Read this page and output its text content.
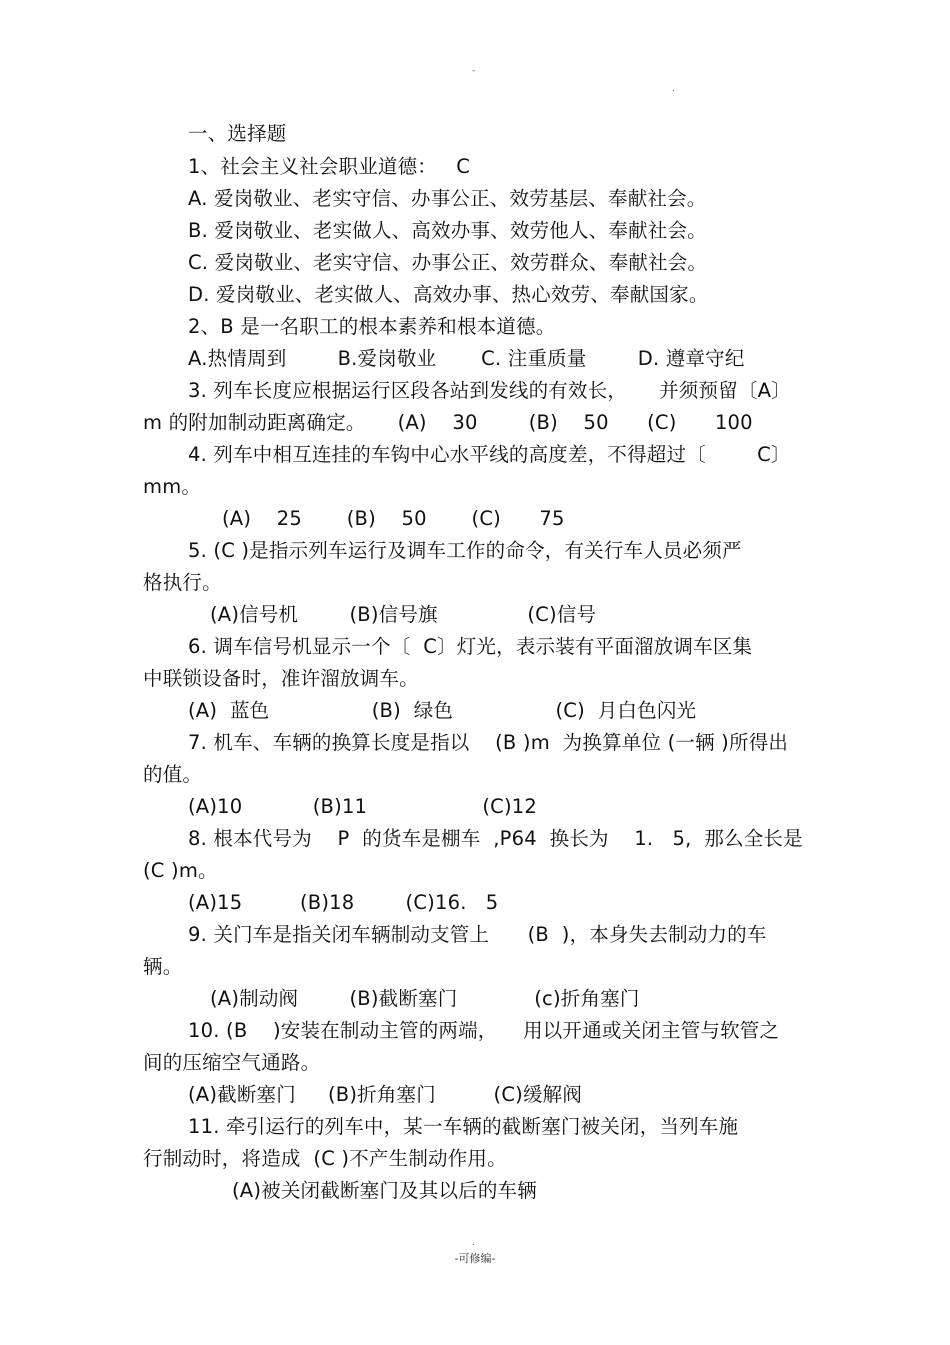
-
.
一、选择题
1、社会主义社会职业道德：   C
A. 爱岗敬业、老实守信、办事公正、效劳基层、奉献社会。
B. 爱岗敬业、老实做人、高效办事、效劳他人、奉献社会。
C. 爱岗敬业、老实守信、办事公正、效劳群众、奉献社会。
D. 爱岗敬业、老实做人、高效办事、热心效劳、奉献国家。
2、B 是一名职工的根本素养和根本道德。
A.热情周到        B.爱岗敬业       C. 注重质量        D. 遵章守纪
3. 列车长度应根据运行区段各站到发线的有效长，     并须预留〔A〕
m 的附加制动距离确定。     (A)    30        (B)    50      (C)      100
4. 列车中相互连挂的车钩中心水平线的高度差，不得超过〔        C〕
mm。
(A)    25       (B)    50       (C)      75
5. (C )是指示列车运行及调车工作的命令，有关行车人员必须严
格执行。
(A)信号机        (B)信号旗              (C)信号
6. 调车信号机显示一个〔  C〕灯光，表示装有平面溜放调车区集
中联锁设备时，准许溜放调车。
(A)  蓝色                (B)  绿色                (C)  月白色闪光
7. 机车、车辆的换算长度是指以    (B )m  为换算单位 (一辆 )所得出
的值。
(A)10           (B)11                  (C)12
8. 根本代号为    P  的货车是棚车  ,P64  换长为    1.   5,  那么全长是
(C )m。
(A)15         (B)18        (C)16.   5
9. 关门车是指关闭车辆制动支管上      (B  )，本身失去制动力的车
辆。
(A)制动阀        (B)截断塞门            (c)折角塞门
10. (B    )安装在制动主管的两端，    用以开通或关闭主管与软管之
间的压缩空气通路。
(A)截断塞门     (B)折角塞门         (C)缓解阀
11. 牵引运行的列车中，某一车辆的截断塞门被关闭，当列车施
行制动时，将造成  (C )不产生制动作用。
(A)被关闭截断塞门及其以后的车辆
.
-可修编-
